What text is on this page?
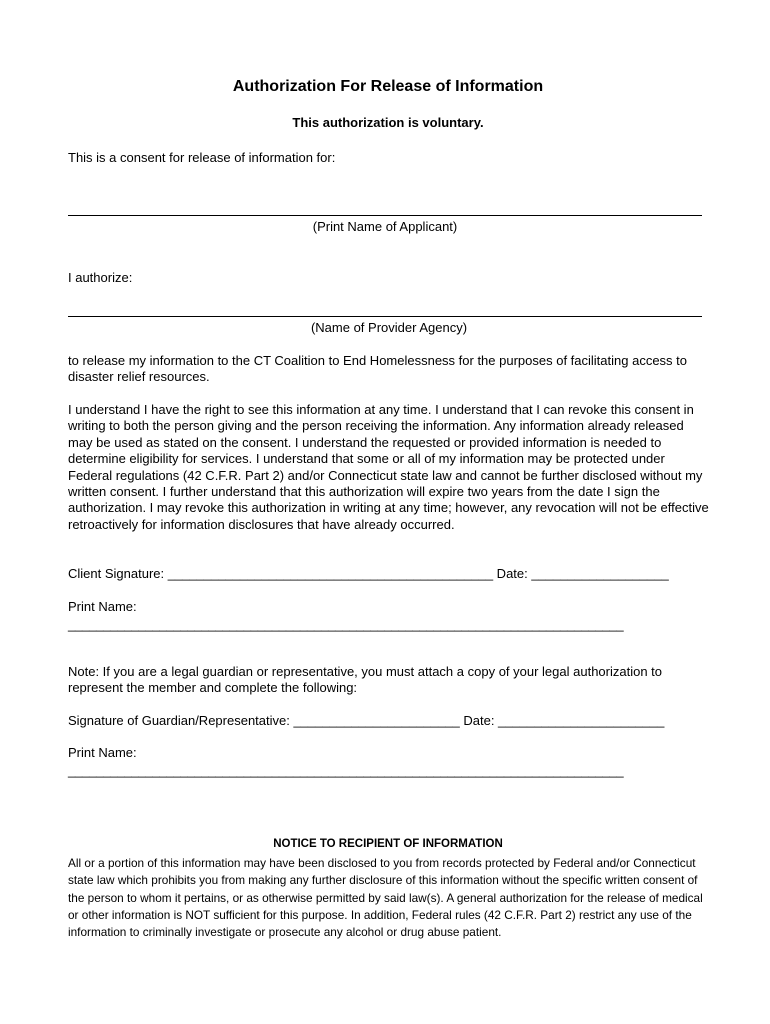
Authorization For Release of Information
This authorization is voluntary.
This is a consent for release of information for:
(Print Name of Applicant)
I authorize:
(Name of Provider Agency)
to release my information to the CT Coalition to End Homelessness for the purposes of facilitating access to disaster relief resources.
I understand I have the right to see this information at any time. I understand that I can revoke this consent in writing to both the person giving and the person receiving the information. Any information already released may be used as stated on the consent. I understand the requested or provided information is needed to determine eligibility for services. I understand that some or all of my information may be protected under Federal regulations (42 C.F.R. Part 2) and/or Connecticut state law and cannot be further disclosed without my written consent. I further understand that this authorization will expire two years from the date I sign the authorization. I may revoke this authorization in writing at any time; however, any revocation will not be effective retroactively for information disclosures that have already occurred.
Client Signature: _____________________________________________ Date: ___________________
Print Name:
_______________________________________________________________________________
Note: If you are a legal guardian or representative, you must attach a copy of your legal authorization to represent the member and complete the following:
Signature of Guardian/Representative: _______________________ Date: _______________________
Print Name:
_______________________________________________________________________________
NOTICE TO RECIPIENT OF INFORMATION
All or a portion of this information may have been disclosed to you from records protected by Federal and/or Connecticut state law which prohibits you from making any further disclosure of this information without the specific written consent of the person to whom it pertains, or as otherwise permitted by said law(s). A general authorization for the release of medical or other information is NOT sufficient for this purpose. In addition, Federal rules (42 C.F.R. Part 2) restrict any use of the information to criminally investigate or prosecute any alcohol or drug abuse patient.
